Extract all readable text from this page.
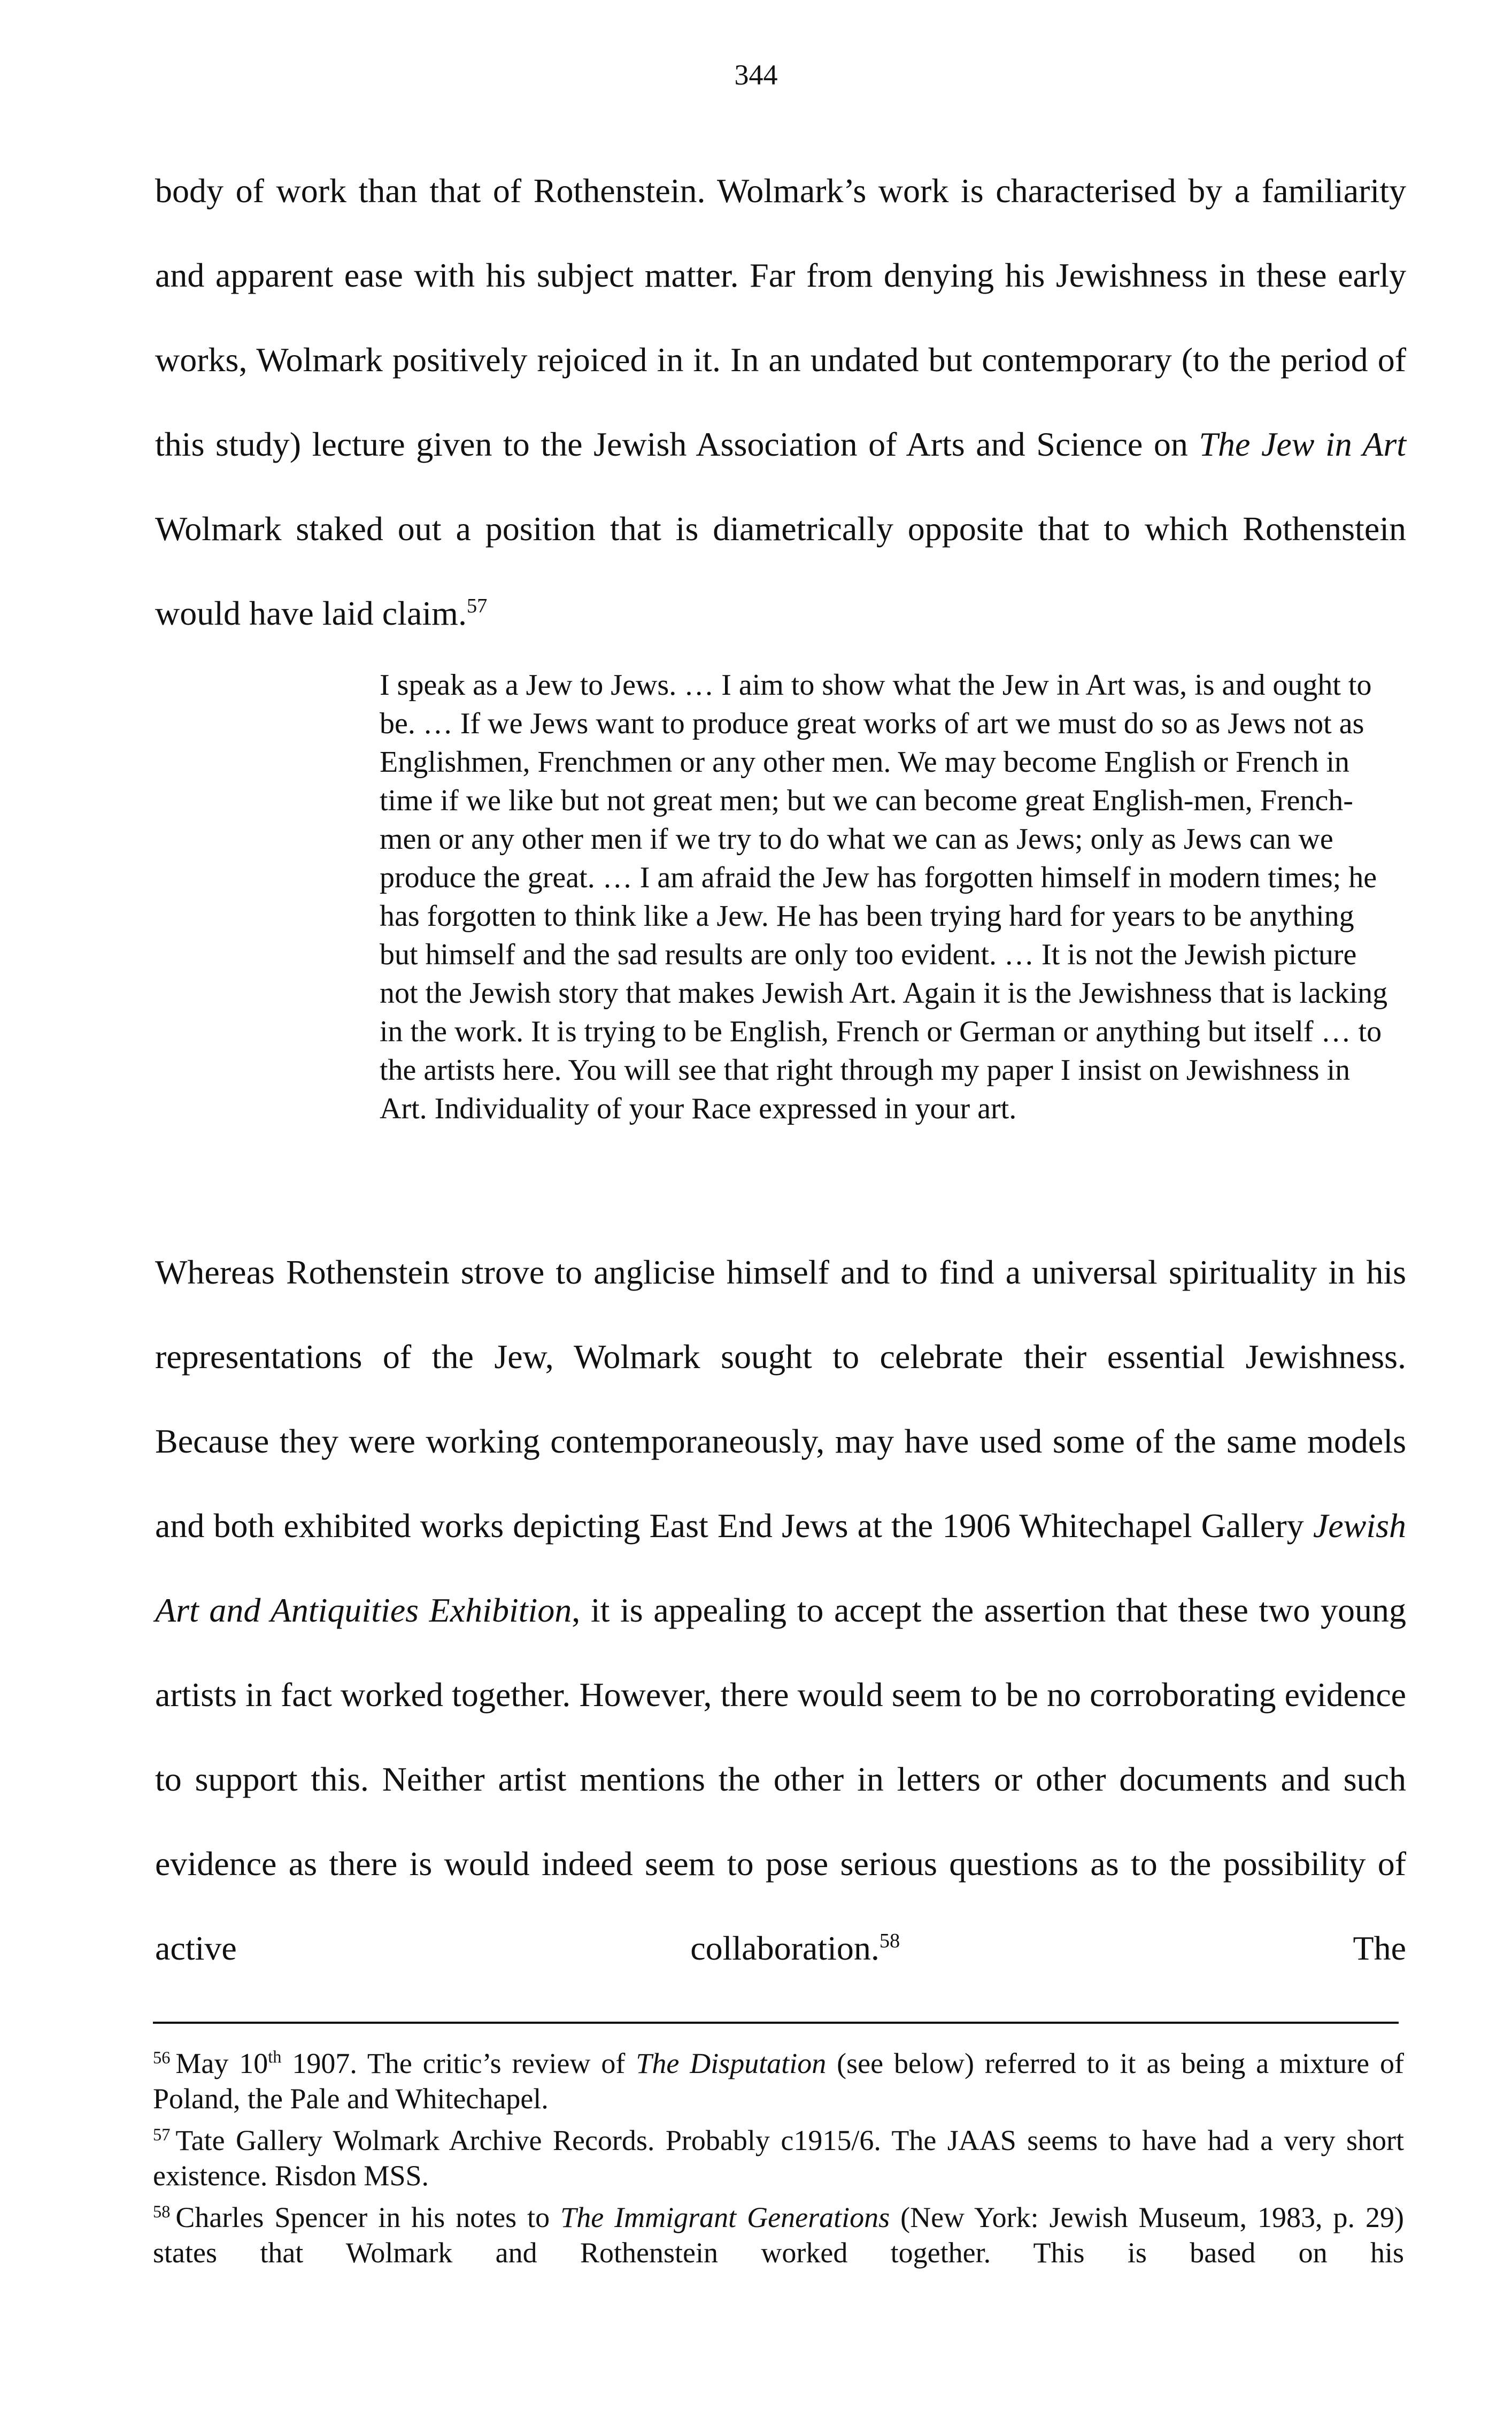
344

body of work than that of Rothenstein. Wolmark’s work is characterised by a familiarity and apparent ease with his subject matter. Far from denying his Jewishness in these early works, Wolmark positively rejoiced in it. In an undated but contemporary (to the period of this study) lecture given to the Jewish Association of Arts and Science on The Jew in Art Wolmark staked out a position that is diametrically opposite that to which Rothenstein would have laid claim.$^{57}$

I speak as a Jew to Jews. … I aim to show what the Jew in Art was, is and ought to be. … If we Jews want to produce great works of art we must do so as Jews not as Englishmen, Frenchmen or any other men. We may become English or French in time if we like but not great men; but we can become great English-men, French-men or any other men if we try to do what we can as Jews; only as Jews can we produce the great. … I am afraid the Jew has forgotten himself in modern times; he has forgotten to think like a Jew. He has been trying hard for years to be anything but himself and the sad results are only too evident. … It is not the Jewish picture not the Jewish story that makes Jewish Art. Again it is the Jewishness that is lacking in the work. It is trying to be English, French or German or anything but itself … to the artists here. You will see that right through my paper I insist on Jewishness in Art. Individuality of your Race expressed in your art.

Whereas Rothenstein strove to anglicise himself and to find a universal spirituality in his representations of the Jew, Wolmark sought to celebrate their essential Jewishness. Because they were working contemporaneously, may have used some of the same models and both exhibited works depicting East End Jews at the 1906 Whitechapel Gallery Jewish Art and Antiquities Exhibition, it is appealing to accept the assertion that these two young artists in fact worked together. However, there would seem to be no corroborating evidence to support this. Neither artist mentions the other in letters or other documents and such evidence as there is would indeed seem to pose serious questions as to the possibility of active collaboration.$^{58}$ The

$^{56}$ May 10th 1907. The critic’s review of The Disputation (see below) referred to it as being a mixture of Poland, the Pale and Whitechapel.

$^{57}$ Tate Gallery Wolmark Archive Records. Probably c1915/6. The JAAS seems to have had a very short existence. Risdon MSS.

$^{58}$ Charles Spencer in his notes to The Immigrant Generations (New York: Jewish Museum, 1983, p. 29) states that Wolmark and Rothenstein worked together. This is based on his
